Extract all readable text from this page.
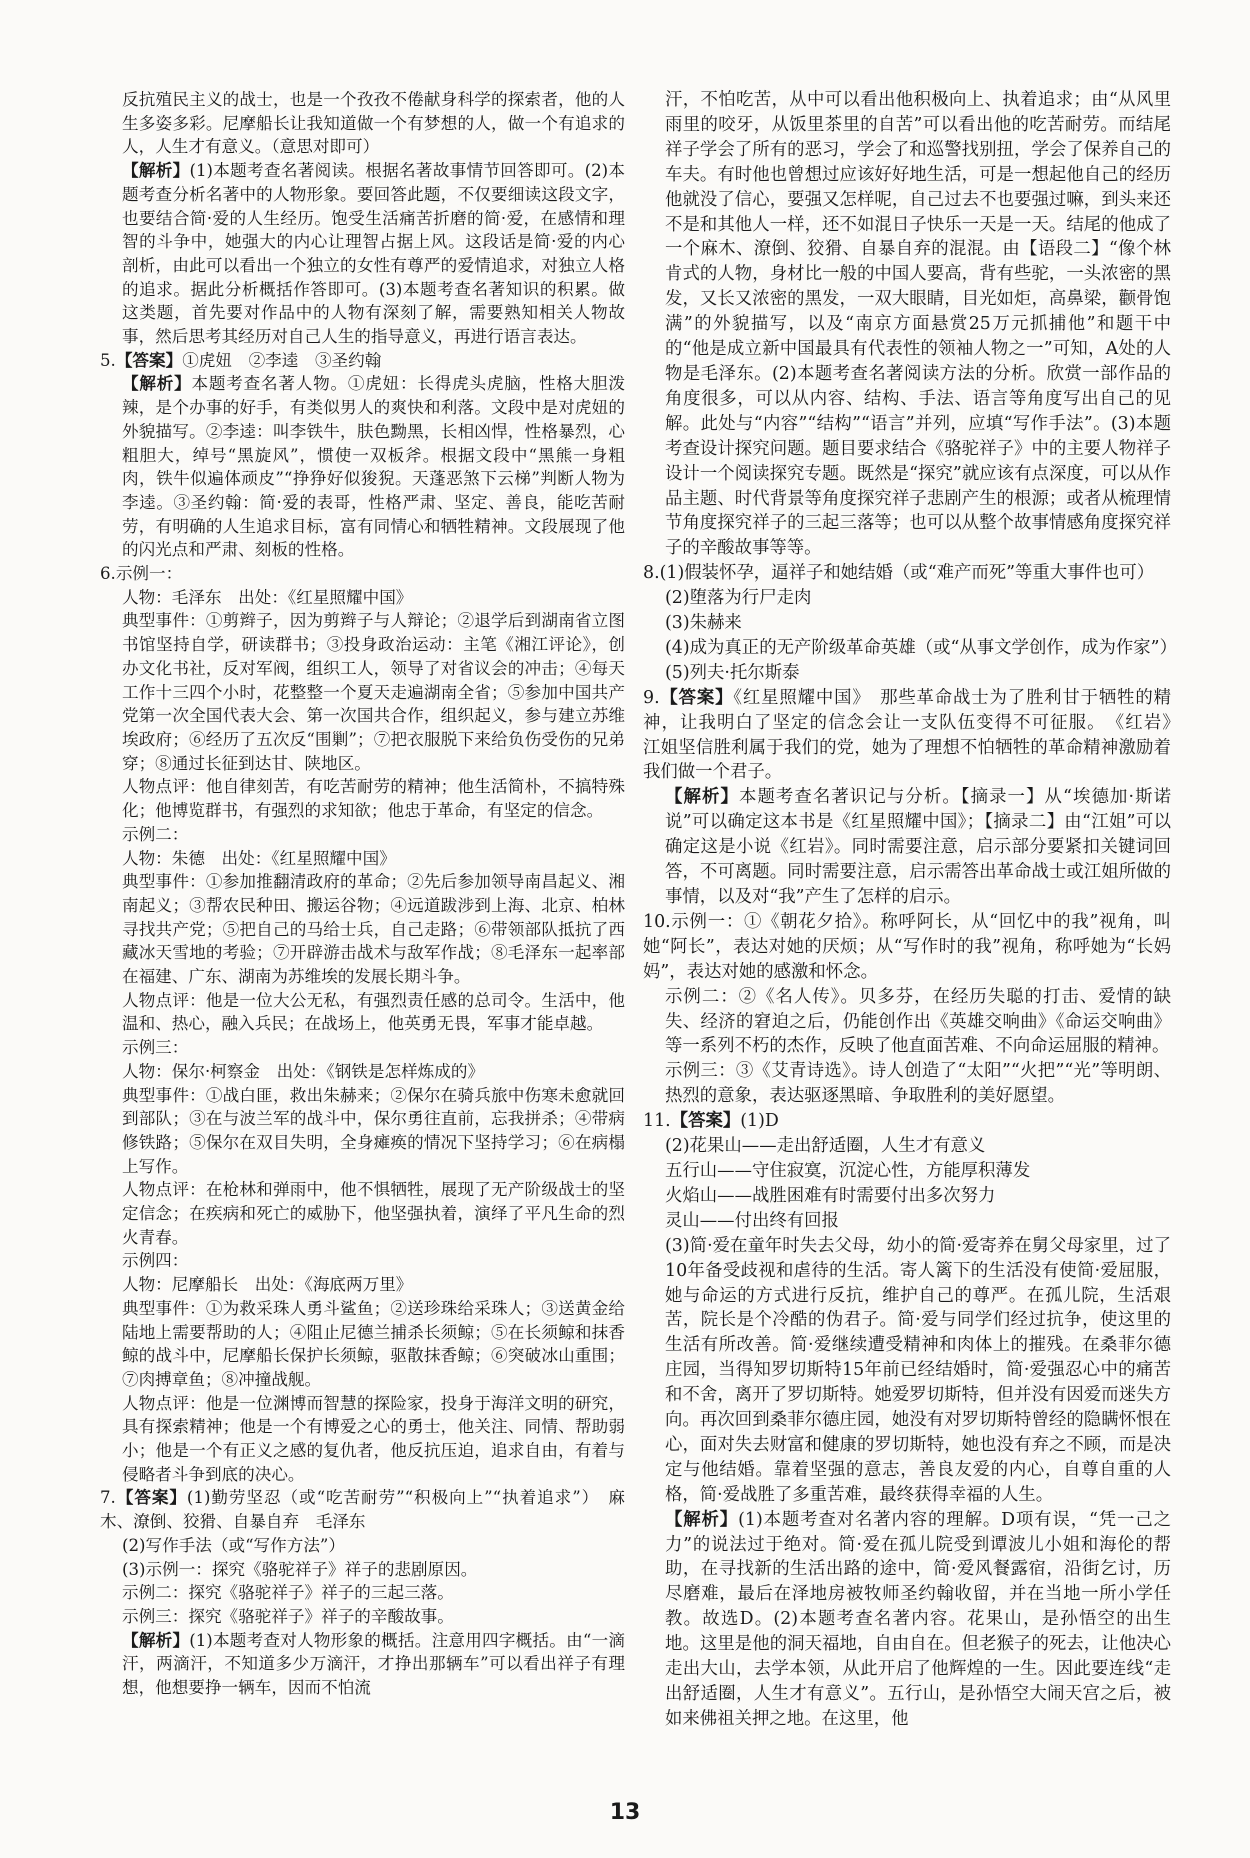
反抗殖民主义的战士，也是一个孜孜不倦献身科学的探索者，他的人生多姿多彩。尼摩船长让我知道做一个有梦想的人，做一个有追求的人，人生才有意义。（意思对即可）

【解析】(1)本题考查名著阅读。根据名著故事情节回答即可。(2)本题考查分析名著中的人物形象。要回答此题，不仅要细读这段文字，也要结合简·爱的人生经历。饱受生活痛苦折磨的简·爱，在感情和理智的斗争中，她强大的内心让理智占据上风。这段话是简·爱的内心剖析，由此可以看出一个独立的女性有尊严的爱情追求，对独立人格的追求。据此分析概括作答即可。(3)本题考查名著知识的积累。做这类题，首先要对作品中的人物有深刻了解，需要熟知相关人物故事，然后思考其经历对自己人生的指导意义，再进行语言表达。

5.【答案】①虎妞　②李逵　③圣约翰

【解析】本题考查名著人物。①虎妞：长得虎头虎脑，性格大胆泼辣，是个办事的好手，有类似男人的爽快和利落。文段中是对虎妞的外貌描写。②李逵：叫李铁牛，肤色黝黑，长相凶悍，性格暴烈，心粗胆大，绰号“黑旋风”，惯使一双板斧。根据文段中“黑熊一身粗肉，铁牛似遍体顽皮”“挣狰好似狻猊。天蓬恶煞下云梯”判断人物为李逵。③圣约翰：简·爱的表哥，性格严肃、坚定、善良，能吃苦耐劳，有明确的人生追求目标，富有同情心和牺牲精神。文段展现了他的闪光点和严肃、刻板的性格。

6.示例一：

人物：毛泽东　出处：《红星照耀中国》

典型事件：①剪辫子，因为剪辫子与人辩论；②退学后到湖南省立图书馆坚持自学，研读群书；③投身政治运动：主笔《湘江评论》，创办文化书社，反对军阀，组织工人，领导了对省议会的冲击；④每天工作十三四个小时，花整整一个夏天走遍湖南全省；⑤参加中国共产党第一次全国代表大会、第一次国共合作，组织起义，参与建立苏维埃政府；⑥经历了五次反“围剿”；⑦把衣服脱下来给负伤受伤的兄弟穿；⑧通过长征到达甘、陕地区。

人物点评：他自律刻苦，有吃苦耐劳的精神；他生活简朴，不搞特殊化；他博览群书，有强烈的求知欲；他忠于革命，有坚定的信念。

示例二：

人物：朱德　出处：《红星照耀中国》

典型事件：①参加推翻清政府的革命；②先后参加领导南昌起义、湘南起义；③帮农民种田、搬运谷物；④远道跋涉到上海、北京、柏林寻找共产党；⑤把自己的马给士兵，自己走路；⑥带领部队抵抗了西藏冰天雪地的考验；⑦开辟游击战术与敌军作战；⑧毛泽东一起率部在福建、广东、湖南为苏维埃的发展长期斗争。

人物点评：他是一位大公无私，有强烈责任感的总司令。生活中，他温和、热心，融入兵民；在战场上，他英勇无畏，军事才能卓越。

示例三：

人物：保尔·柯察金　出处：《钢铁是怎样炼成的》

典型事件：①战白匪，救出朱赫来；②保尔在骑兵旅中伤寒未愈就回到部队；③在与波兰军的战斗中，保尔勇往直前，忘我拼杀；④带病修铁路；⑤保尔在双目失明，全身瘫痪的情况下坚持学习；⑥在病榻上写作。

人物点评：在枪林和弹雨中，他不惧牺牲，展现了无产阶级战士的坚定信念；在疾病和死亡的威胁下，他坚强执着，演绎了平凡生命的烈火青春。

示例四：

人物：尼摩船长　出处：《海底两万里》

典型事件：①为救采珠人勇斗鲨鱼；②送珍珠给采珠人；③送黄金给陆地上需要帮助的人；④阻止尼德兰捕杀长须鲸；⑤在长须鲸和抹香鲸的战斗中，尼摩船长保护长须鲸，驱散抹香鲸；⑥突破冰山重围；⑦肉搏章鱼；⑧冲撞战舰。

人物点评：他是一位渊博而智慧的探险家，投身于海洋文明的研究，具有探索精神；他是一个有博爱之心的勇士，他关注、同情、帮助弱小；他是一个有正义之感的复仇者，他反抗压迫，追求自由，有着与侵略者斗争到底的决心。

7.【答案】(1)勤劳坚忍（或“吃苦耐劳”“积极向上”“执着追求”）　麻木、潦倒、狡猾、自暴自弃　毛泽东

(2)写作手法（或“写作方法”）

(3)示例一：探究《骆驼祥子》祥子的悲剧原因。

示例二：探究《骆驼祥子》祥子的三起三落。

示例三：探究《骆驼祥子》祥子的辛酸故事。

【解析】(1)本题考查对人物形象的概括。注意用四字概括。由“一滴汗，两滴汗，不知道多少万滴汗，才挣出那辆车”可以看出祥子有理想，他想要挣一辆车，因而不怕流

汗，不怕吃苦，从中可以看出他积极向上、执着追求；由“从风里雨里的咬牙，从饭里茶里的自苦”可以看出他的吃苦耐劳。而结尾祥子学会了所有的恶习，学会了和巡警找别扭，学会了保养自己的车夫。有时他也曾想过应该好好地生活，可是一想起他自己的经历他就没了信心，要强又怎样呢，自己过去不也要强过嘛，到头来还不是和其他人一样，还不如混日子快乐一天是一天。结尾的他成了一个麻木、潦倒、狡猾、自暴自弃的混混。由【语段二】“像个林肯式的人物，身材比一般的中国人要高，背有些驼，一头浓密的黑发，又长又浓密的黑发，一双大眼睛，目光如炬，高鼻梁，颧骨饱满”的外貌描写，以及“南京方面悬赏25万元抓捕他”和题干中的“他是成立新中国最具有代表性的领袖人物之一”可知，A处的人物是毛泽东。(2)本题考查名著阅读方法的分析。欣赏一部作品的角度很多，可以从内容、结构、手法、语言等角度写出自己的见解。此处与“内容”“结构”“语言”并列，应填“写作手法”。(3)本题考查设计探究问题。题目要求结合《骆驼祥子》中的主要人物祥子设计一个阅读探究专题。既然是“探究”就应该有点深度，可以从作品主题、时代背景等角度探究祥子悲剧产生的根源；或者从梳理情节角度探究祥子的三起三落等；也可以从整个故事情感角度探究祥子的辛酸故事等等。

8.(1)假装怀孕，逼祥子和她结婚（或“难产而死”等重大事件也可）

(2)堕落为行尸走肉

(3)朱赫来

(4)成为真正的无产阶级革命英雄（或“从事文学创作，成为作家”）

(5)列夫·托尔斯泰

9.【答案】《红星照耀中国》　那些革命战士为了胜利甘于牺牲的精神，让我明白了坚定的信念会让一支队伍变得不可征服。　《红岩》　江姐坚信胜利属于我们的党，她为了理想不怕牺牲的革命精神激励着我们做一个君子。

【解析】本题考查名著识记与分析。【摘录一】从“埃德加·斯诺说”可以确定这本书是《红星照耀中国》；【摘录二】由“江姐”可以确定这是小说《红岩》。同时需要注意，启示部分要紧扣关键词回答，不可离题。同时需要注意，启示需答出革命战士或江姐所做的事情，以及对“我”产生了怎样的启示。

10.示例一：①《朝花夕拾》。称呼阿长，从“回忆中的我”视角，叫她“阿长”，表达对她的厌烦；从“写作时的我”视角，称呼她为“长妈妈”，表达对她的感激和怀念。

示例二：②《名人传》。贝多芬，在经历失聪的打击、爱情的缺失、经济的窘迫之后，仍能创作出《英雄交响曲》《命运交响曲》等一系列不朽的杰作，反映了他直面苦难、不向命运屈服的精神。

示例三：③《艾青诗选》。诗人创造了“太阳”“火把”“光”等明朗、热烈的意象，表达驱逐黑暗、争取胜利的美好愿望。

11.【答案】(1)D

(2)花果山——走出舒适圈，人生才有意义

五行山——守住寂寞，沉淀心性，方能厚积薄发

火焰山——战胜困难有时需要付出多次努力

灵山——付出终有回报

(3)简·爱在童年时失去父母，幼小的简·爱寄养在舅父母家里，过了10年备受歧视和虐待的生活。寄人篱下的生活没有使简·爱屈服，她与命运的方式进行反抗，维护自己的尊严。在孤儿院，生活艰苦，院长是个冷酷的伪君子。简·爱与同学们经过抗争，使这里的生活有所改善。简·爱继续遭受精神和肉体上的摧残。在桑菲尔德庄园，当得知罗切斯特15年前已经结婚时，简·爱强忍心中的痛苦和不舍，离开了罗切斯特。她爱罗切斯特，但并没有因爱而迷失方向。再次回到桑菲尔德庄园，她没有对罗切斯特曾经的隐瞒怀恨在心，面对失去财富和健康的罗切斯特，她也没有弃之不顾，而是决定与他结婚。靠着坚强的意志，善良友爱的内心，自尊自重的人格，简·爱战胜了多重苦难，最终获得幸福的人生。

【解析】(1)本题考查对名著内容的理解。D项有误，“凭一己之力”的说法过于绝对。简·爱在孤儿院受到谭波儿小姐和海伦的帮助，在寻找新的生活出路的途中，简·爱风餐露宿，沿街乞讨，历尽磨难，最后在泽地房被牧师圣约翰收留，并在当地一所小学任教。故选D。(2)本题考查名著内容。花果山，是孙悟空的出生地。这里是他的洞天福地，自由自在。但老猴子的死去，让他决心走出大山，去学本领，从此开启了他辉煌的一生。因此要连线“走出舒适圈，人生才有意义”。五行山，是孙悟空大闹天宫之后，被如来佛祖关押之地。在这里，他

13
